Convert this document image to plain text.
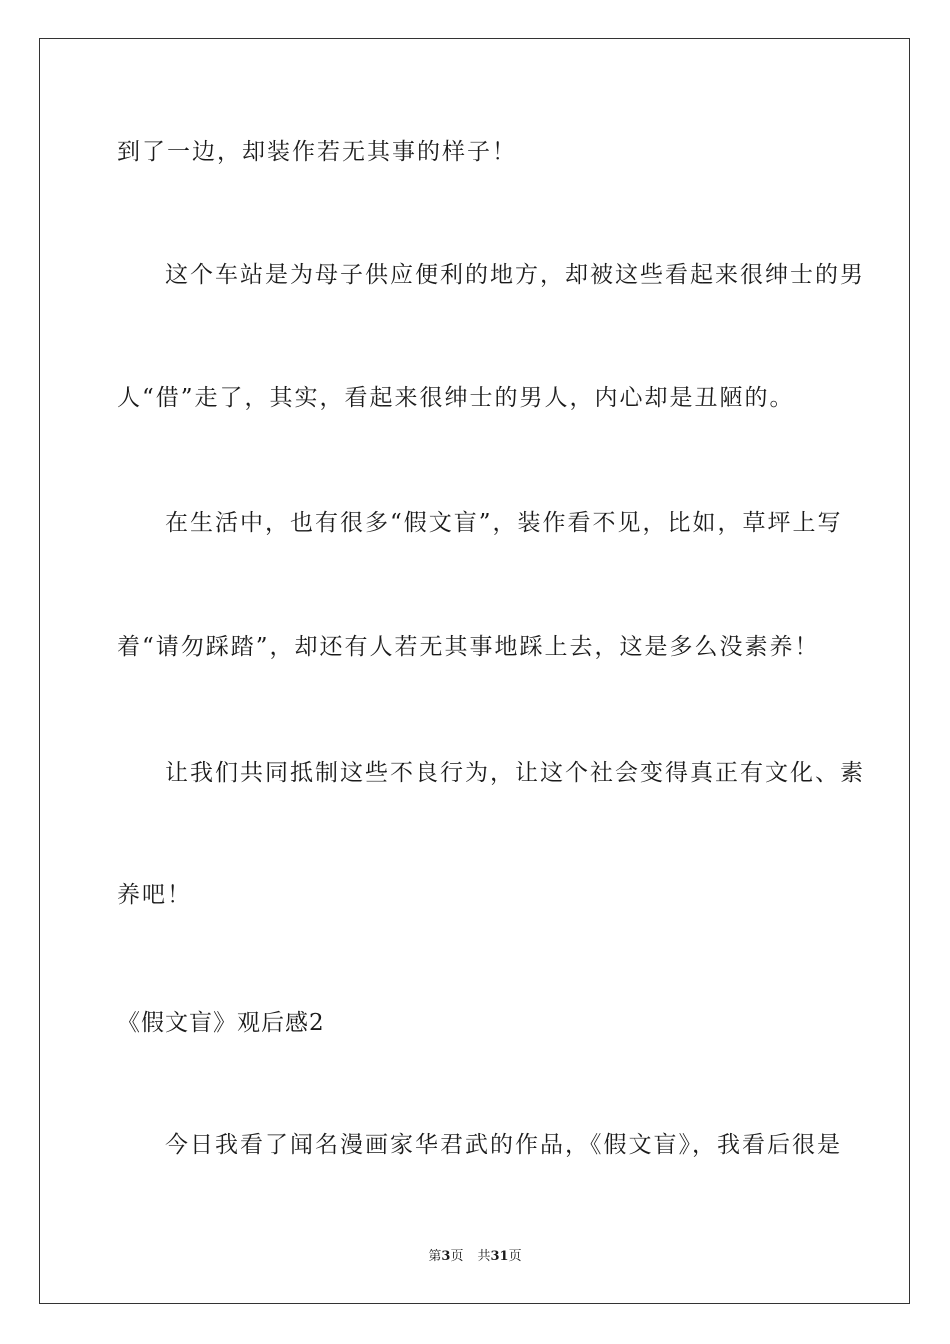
到了一边，却装作若无其事的样子！
这个车站是为母子供应便利的地方，却被这些看起来很绅士的男
人“借”走了，其实，看起来很绅士的男人，内心却是丑陋的。
在生活中，也有很多“假文盲”，装作看不见，比如，草坪上写
着“请勿踩踏”，却还有人若无其事地踩上去，这是多么没素养！
让我们共同抵制这些不良行为，让这个社会变得真正有文化、素
养吧！
《假文盲》观后感2
今日我看了闻名漫画家华君武的作品，《假文盲》，我看后很是
第3页 共31页
